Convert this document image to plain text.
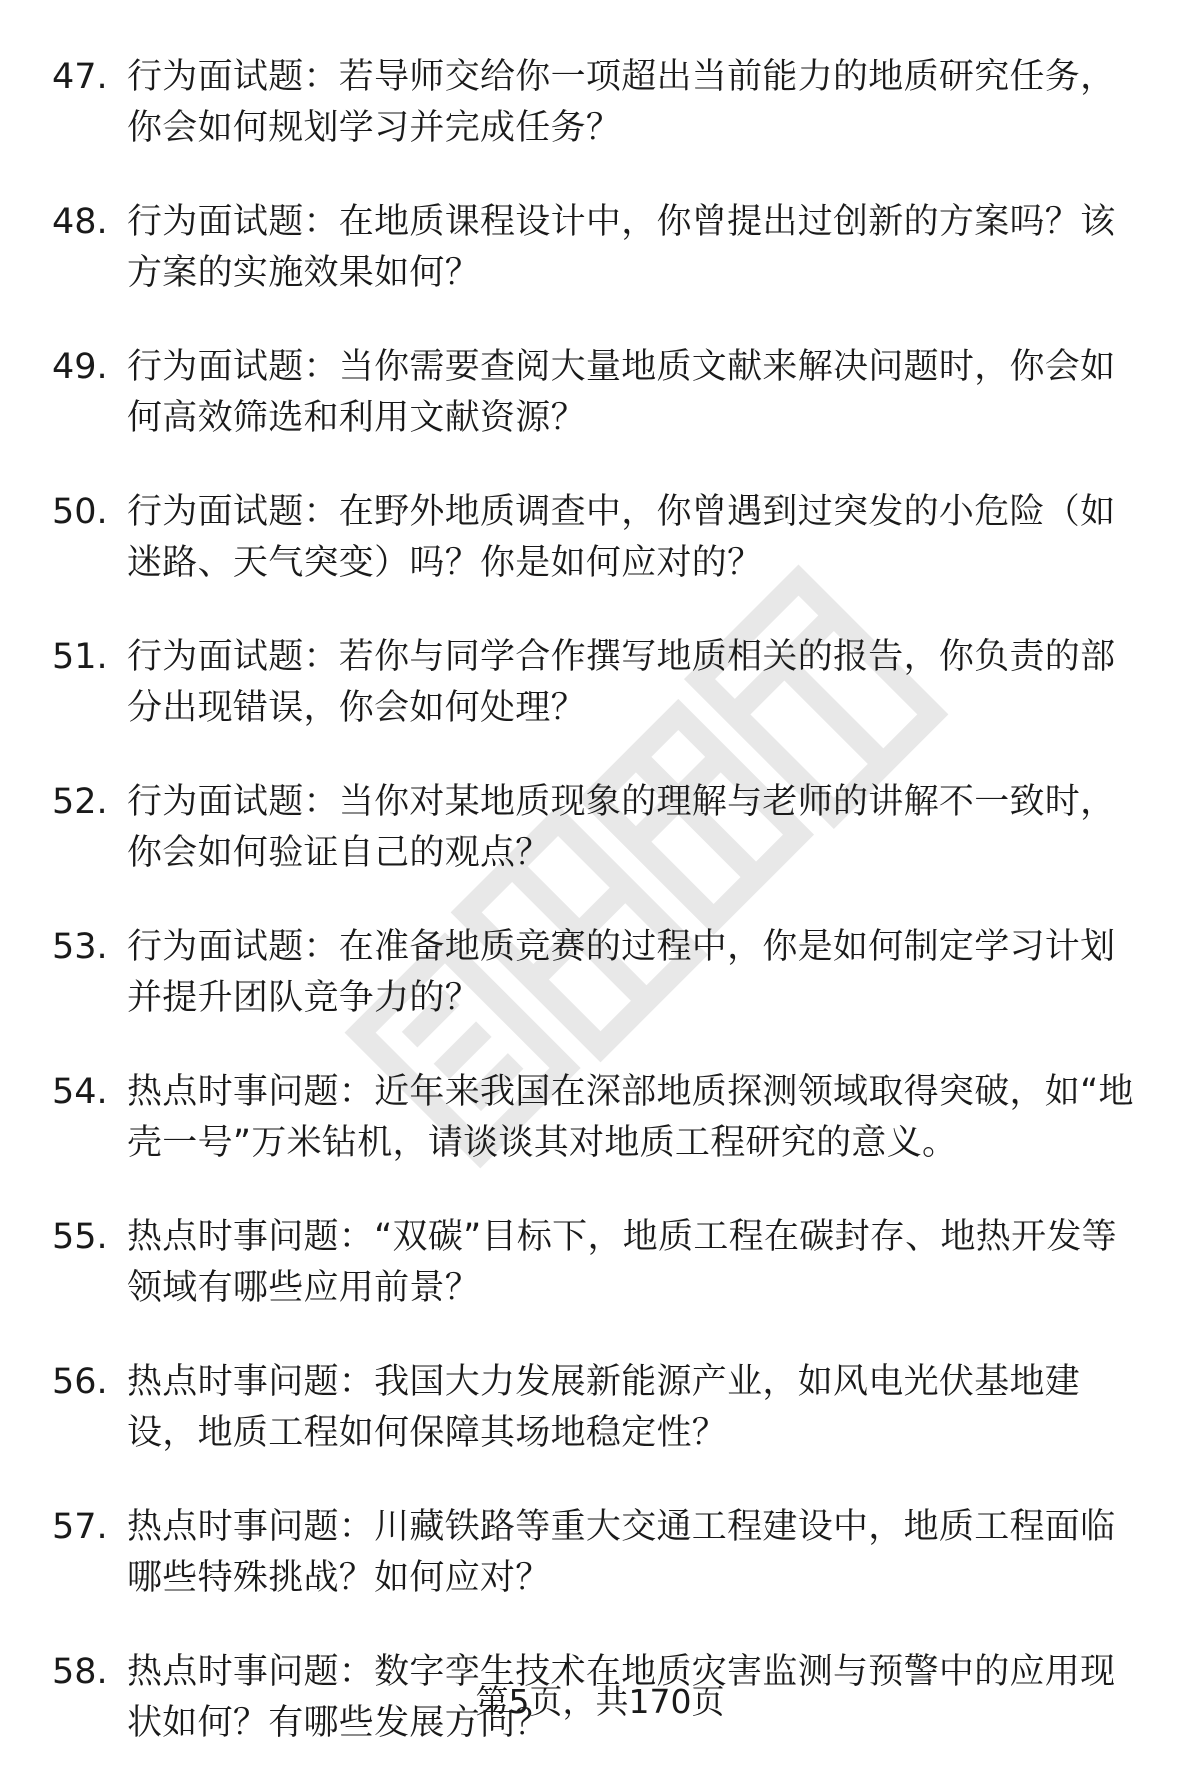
47. 行为面试题：若导师交给你一项超出当前能力的地质研究任务，你会如何规划学习并完成任务？

48. 行为面试题：在地质课程设计中，你曾提出过创新的方案吗？该方案的实施效果如何？

49. 行为面试题：当你需要查阅大量地质文献来解决问题时，你会如何高效筛选和利用文献资源？

50. 行为面试题：在野外地质调查中，你曾遇到过突发的小危险（如迷路、天气突变）吗？你是如何应对的？

51. 行为面试题：若你与同学合作撰写地质相关的报告，你负责的部分出现错误，你会如何处理？

52. 行为面试题：当你对某地质现象的理解与老师的讲解不一致时，你会如何验证自己的观点？

53. 行为面试题：在准备地质竞赛的过程中，你是如何制定学习计划并提升团队竞争力的？

54. 热点时事问题：近年来我国在深部地质探测领域取得突破，如“地壳一号”万米钻机，请谈谈其对地质工程研究的意义。

55. 热点时事问题：“双碳”目标下，地质工程在碳封存、地热开发等领域有哪些应用前景？

56. 热点时事问题：我国大力发展新能源产业，如风电光伏基地建设，地质工程如何保障其场地稳定性？

57. 热点时事问题：川藏铁路等重大交通工程建设中，地质工程面临哪些特殊挑战？如何应对？

58. 热点时事问题：数字孪生技术在地质灾害监测与预警中的应用现状如何？有哪些发展方向？

第5页，共170页
